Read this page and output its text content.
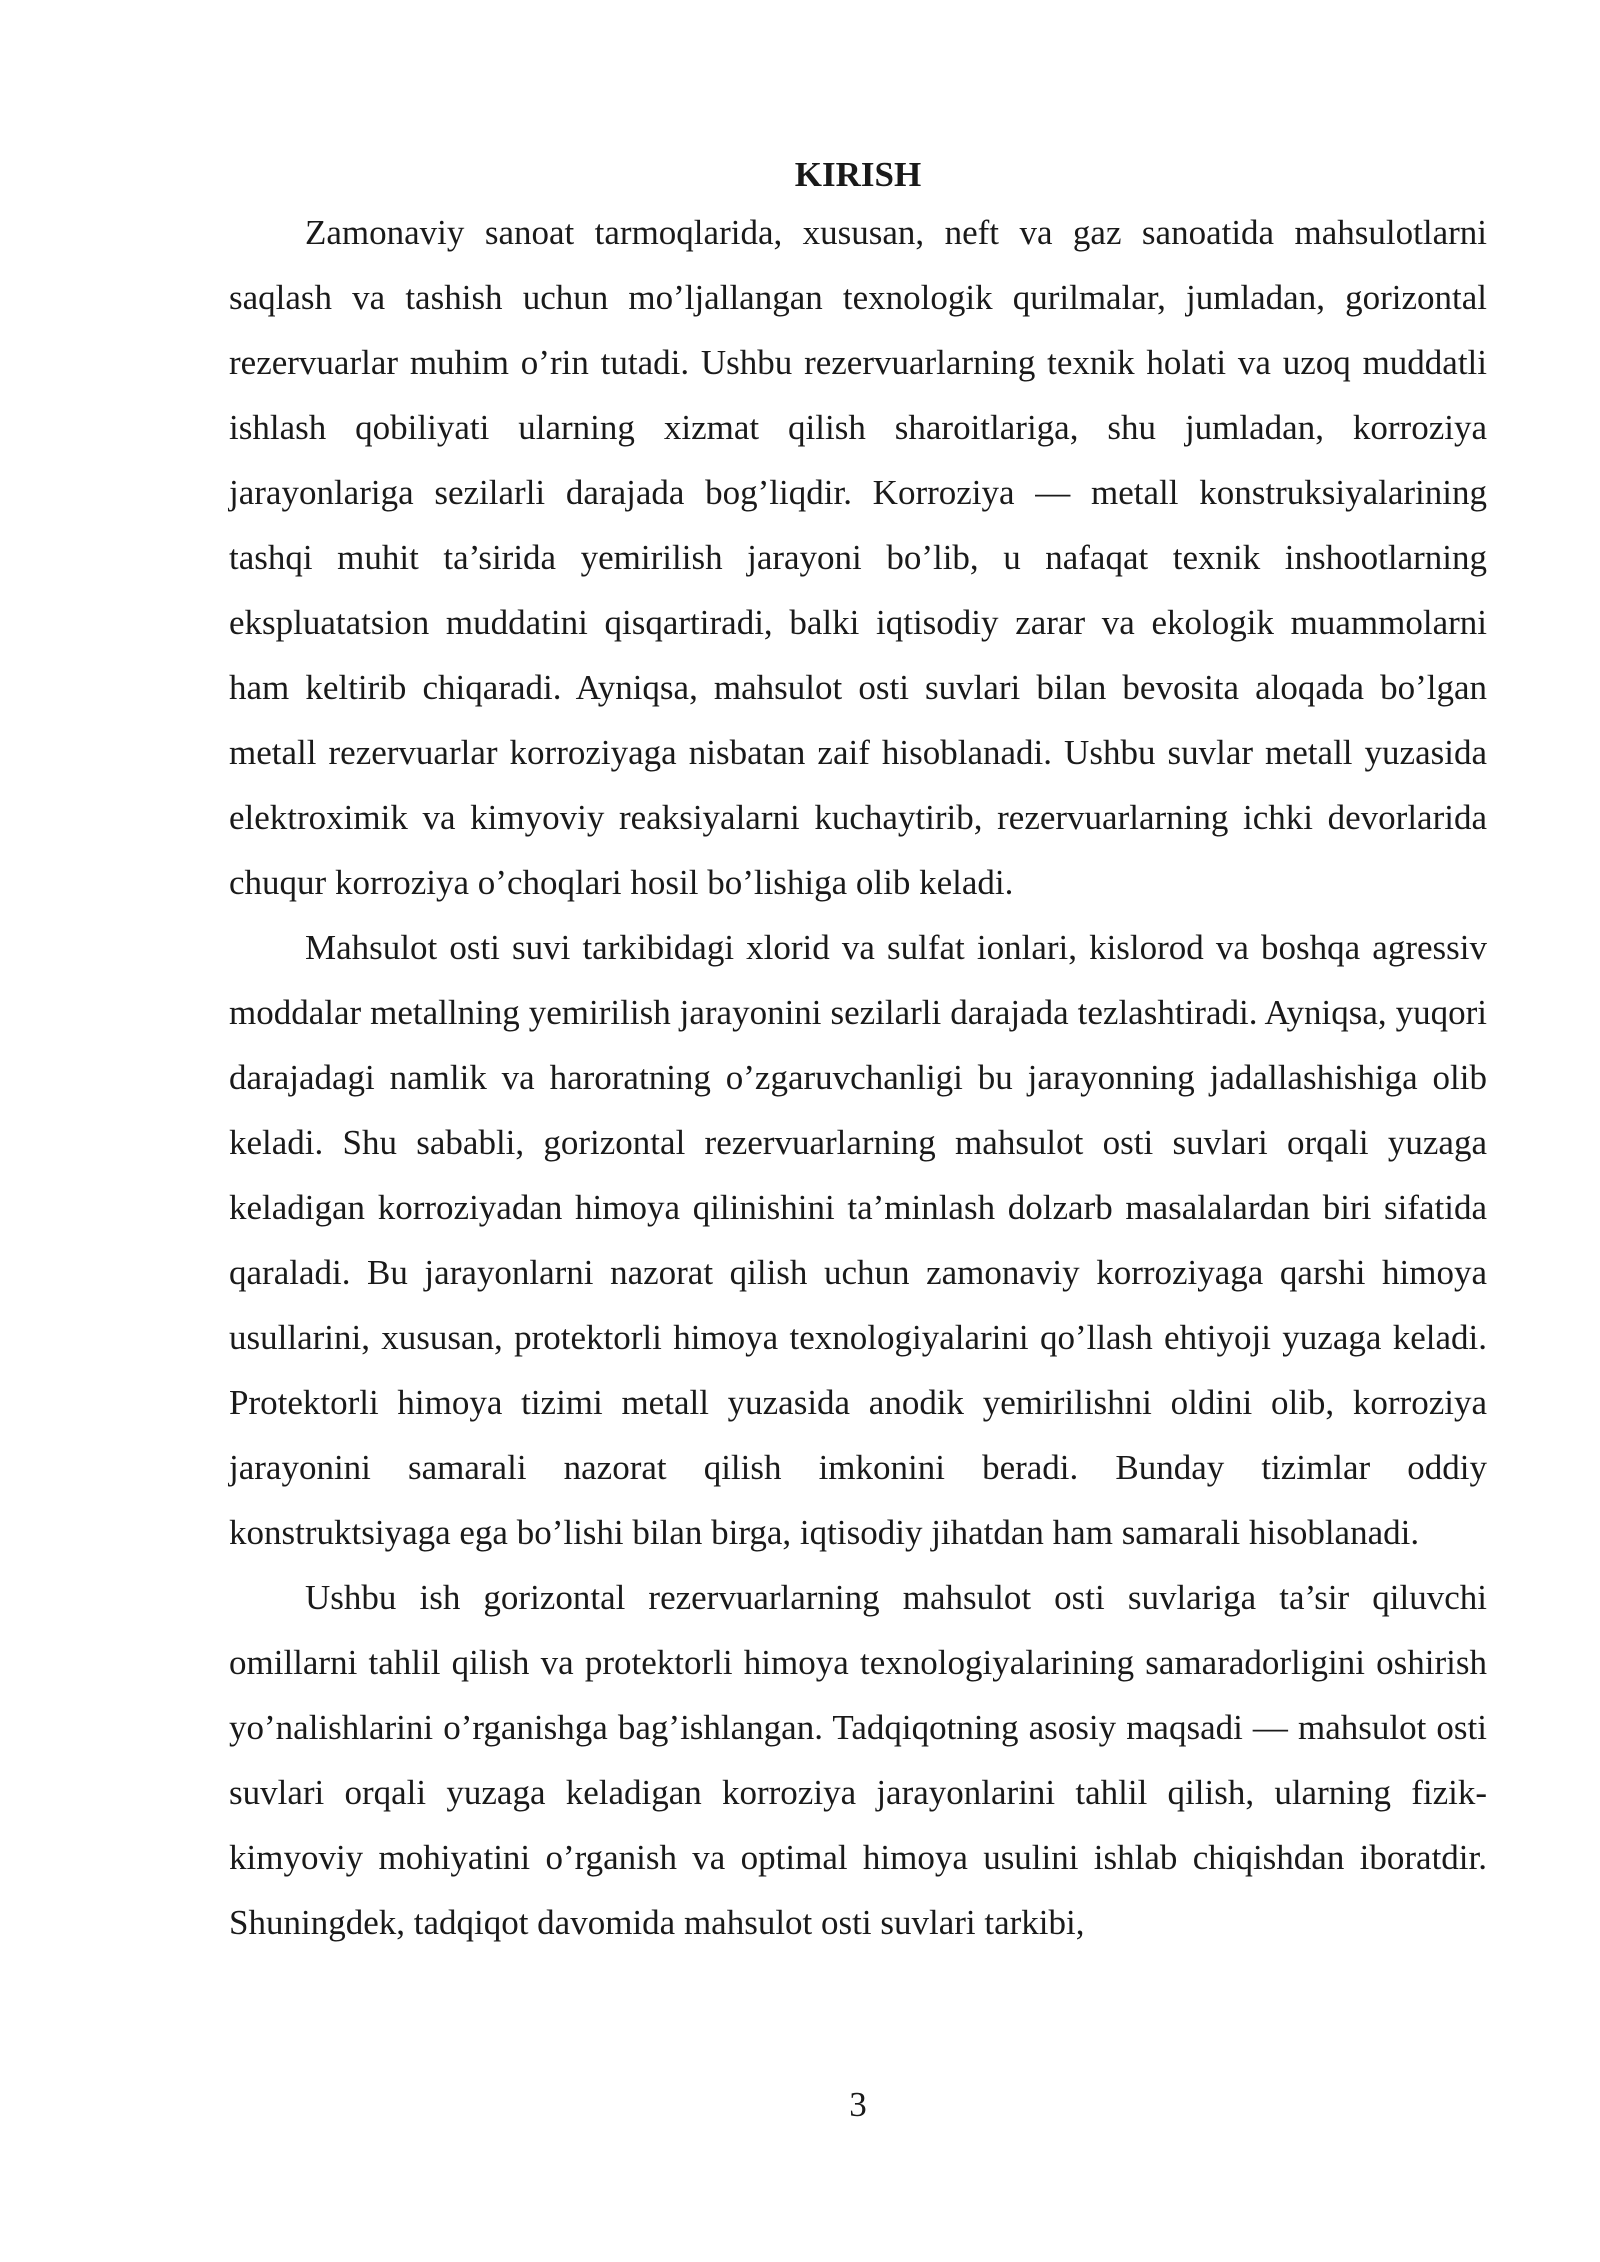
KIRISH

Zamonaviy sanoat tarmoqlarida, xususan, neft va gaz sanoatida mahsulotlarni saqlash va tashish uchun mo’ljallangan texnologik qurilmalar, jumladan, gorizontal rezervuarlar muhim o’rin tutadi. Ushbu rezervuarlarning texnik holati va uzoq muddatli ishlash qobiliyati ularning xizmat qilish sharoitlariga, shu jumladan, korroziya jarayonlariga sezilarli darajada bog’liqdir. Korroziya — metall konstruksiyalarining tashqi muhit ta’sirida yemirilish jarayoni bo’lib, u nafaqat texnik inshootlarning ekspluatatsion muddatini qisqartiradi, balki iqtisodiy zarar va ekologik muammolarni ham keltirib chiqaradi. Ayniqsa, mahsulot osti suvlari bilan bevosita aloqada bo’lgan metall rezervuarlar korroziyaga nisbatan zaif hisoblanadi. Ushbu suvlar metall yuzasida elektroximik va kimyoviy reaksiyalarni kuchaytirib, rezervuarlarning ichki devorlarida chuqur korroziya o’choqlari hosil bo’lishiga olib keladi.

Mahsulot osti suvi tarkibidagi xlorid va sulfat ionlari, kislorod va boshqa agressiv moddalar metallning yemirilish jarayonini sezilarli darajada tezlashtiradi. Ayniqsa, yuqori darajadagi namlik va haroratning o’zgaruvchanligi bu jarayonning jadallashishiga olib keladi. Shu sababli, gorizontal rezervuarlarning mahsulot osti suvlari orqali yuzaga keladigan korroziyadan himoya qilinishini ta’minlash dolzarb masalalardan biri sifatida qaraladi. Bu jarayonlarni nazorat qilish uchun zamonaviy korroziyaga qarshi himoya usullarini, xususan, protektorli himoya texnologiyalarini qo’llash ehtiyoji yuzaga keladi. Protektorli himoya tizimi metall yuzasida anodik yemirilishni oldini olib, korroziya jarayonini samarali nazorat qilish imkonini beradi. Bunday tizimlar oddiy konstruktsiyaga ega bo’lishi bilan birga, iqtisodiy jihatdan ham samarali hisoblanadi.

Ushbu ish gorizontal rezervuarlarning mahsulot osti suvlariga ta’sir qiluvchi omillarni tahlil qilish va protektorli himoya texnologiyalarining samaradorligini oshirish yo’nalishlarini o’rganishga bag’ishlangan. Tadqiqotning asosiy maqsadi — mahsulot osti suvlari orqali yuzaga keladigan korroziya jarayonlarini tahlil qilish, ularning fizik-kimyoviy mohiyatini o’rganish va optimal himoya usulini ishlab chiqishdan iboratdir. Shuningdek, tadqiqot davomida mahsulot osti suvlari tarkibi,

3
